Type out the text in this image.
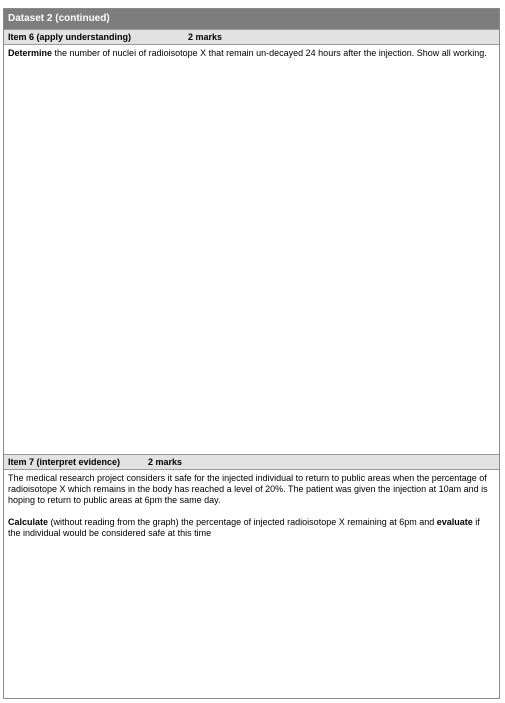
Dataset 2 (continued)
Item 6 (apply understanding)	2 marks
Determine the number of nuclei of radioisotope X that remain un-decayed 24 hours after the injection. Show all working.
Item 7 (interpret evidence)	2 marks
The medical research project considers it safe for the injected individual to return to public areas when the percentage of radioisotope X which remains in the body has reached a level of 20%. The patient was given the injection at 10am and is hoping to return to public areas at 6pm the same day.
Calculate (without reading from the graph) the percentage of injected radioisotope X remaining at 6pm and evaluate if the individual would be considered safe at this time
